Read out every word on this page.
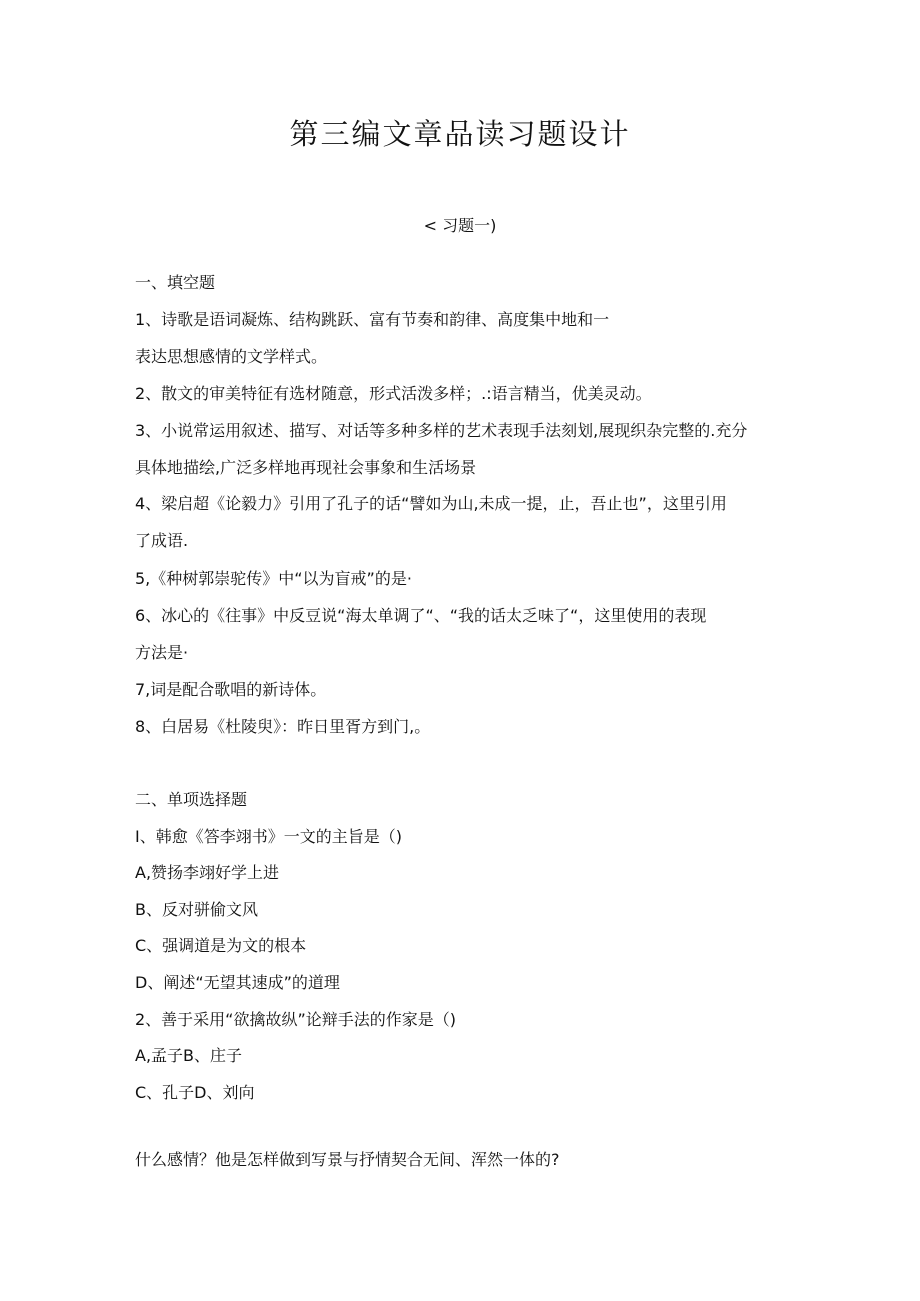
第三编文章品读习题设计
< 习题一)
一、填空题
1、诗歌是语词凝炼、结构跳跃、富有节奏和韵律、高度集中地和一
表达思想感情的文学样式。
2、散文的审美特征有选材随意，形式活泼多样；.:语言精当，优美灵动。
3、小说常运用叙述、描写、对话等多种多样的艺术表现手法刻划,展现织杂完整的.充分
具体地描绘,广泛多样地再现社会事象和生活场景
4、梁启超《论毅力》引用了孔子的话“譬如为山,未成一提，止，吾止也”，这里引用
了成语.
5,《种树郭崇驼传》中“以为盲戒”的是·
6、冰心的《往事》中反豆说“海太单调了“、“我的话太乏味了“，这里使用的表现
方法是·
7,词是配合歌唱的新诗体。
8、白居易《杜陵臾》：昨日里胥方到门,。
二、单项选择题
I、韩愈《答李翊书》一文的主旨是（)
A,赞扬李翊好学上进
B、反对骈偷文风
C、强调道是为文的根本
D、阐述“无望其速成”的道理
2、善于采用“欲擒故纵”论辩手法的作家是（)
A,孟子B、庄子
C、孔子D、刘向
什么感情？他是怎样做到写景与抒情契合无间、浑然一体的?
